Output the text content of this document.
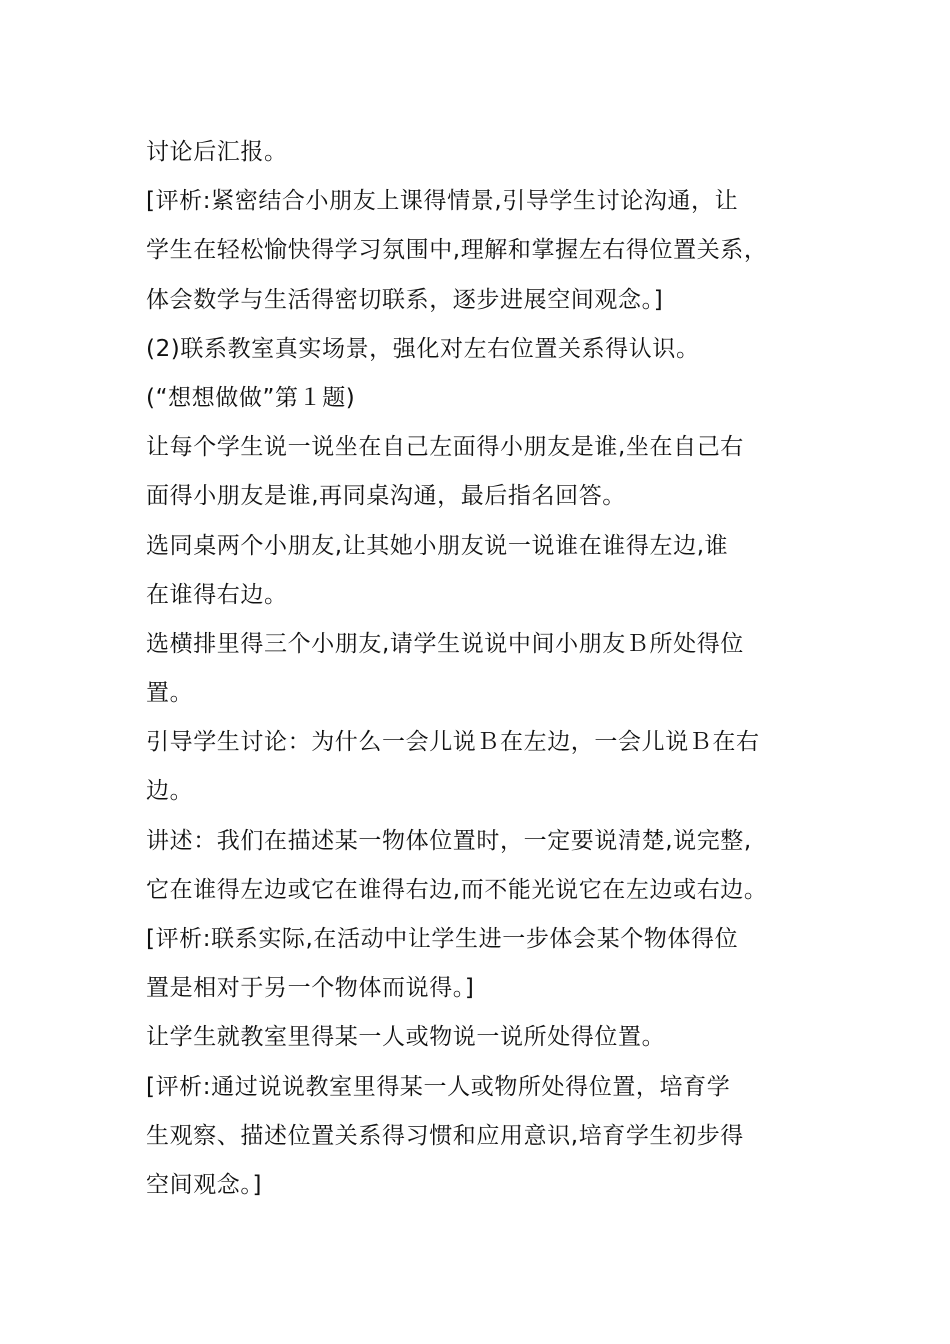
讨论后汇报。
[评析:紧密结合小朋友上课得情景,引导学生讨论沟通，让
学生在轻松愉快得学习氛围中,理解和掌握左右得位置关系，
体会数学与生活得密切联系，逐步进展空间观念。]
(2)联系教室真实场景，强化对左右位置关系得认识。
(“想想做做”第１题)
让每个学生说一说坐在自己左面得小朋友是谁,坐在自己右
面得小朋友是谁,再同桌沟通，最后指名回答。
选同桌两个小朋友,让其她小朋友说一说谁在谁得左边,谁
在谁得右边。
选横排里得三个小朋友,请学生说说中间小朋友Ｂ所处得位
置。
引导学生讨论：为什么一会儿说Ｂ在左边，一会儿说Ｂ在右
边。
讲述：我们在描述某一物体位置时，一定要说清楚,说完整,
它在谁得左边或它在谁得右边,而不能光说它在左边或右边。
[评析:联系实际,在活动中让学生进一步体会某个物体得位
置是相对于另一个物体而说得。]
让学生就教室里得某一人或物说一说所处得位置。
[评析:通过说说教室里得某一人或物所处得位置，培育学
生观察、描述位置关系得习惯和应用意识,培育学生初步得
空间观念。]
